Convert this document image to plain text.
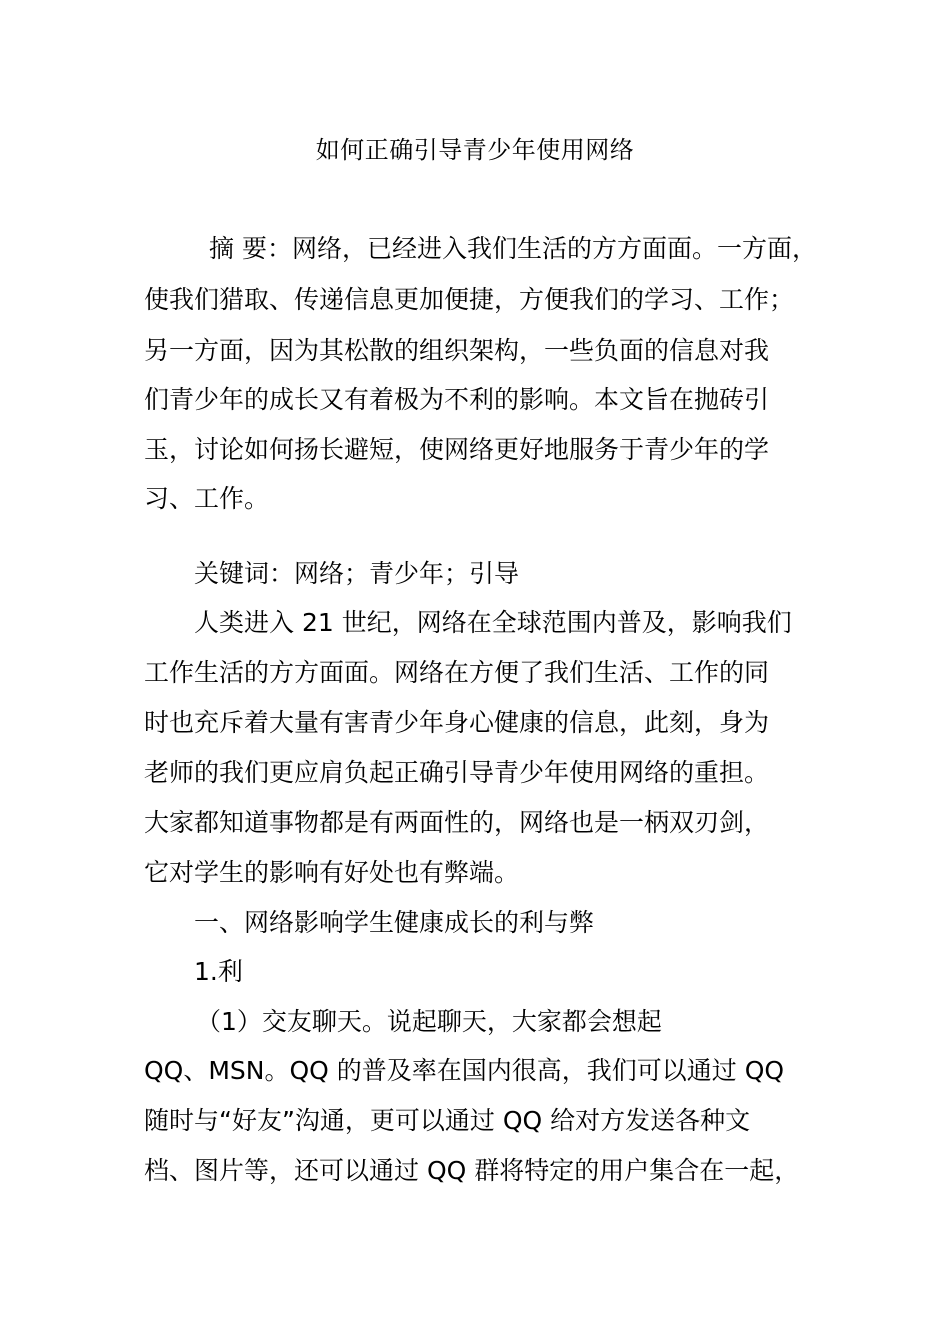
如何正确引导青少年使用网络
摘 要：网络，已经进入我们生活的方方面面。一方面，
使我们猎取、传递信息更加便捷，方便我们的学习、工作；
另一方面，因为其松散的组织架构，一些负面的信息对我
们青少年的成长又有着极为不利的影响。本文旨在抛砖引
玉，讨论如何扬长避短，使网络更好地服务于青少年的学
习、工作。
关键词：网络；青少年；引导
人类进入 21 世纪，网络在全球范围内普及，影响我们
工作生活的方方面面。网络在方便了我们生活、工作的同
时也充斥着大量有害青少年身心健康的信息，此刻，身为
老师的我们更应肩负起正确引导青少年使用网络的重担。
大家都知道事物都是有两面性的，网络也是一柄双刃剑，
它对学生的影响有好处也有弊端。
一、网络影响学生健康成长的利与弊
1.利
（1）交友聊天。说起聊天，大家都会想起
QQ、MSN。QQ 的普及率在国内很高，我们可以通过 QQ
随时与“好友”沟通，更可以通过 QQ 给对方发送各种文
档、图片等，还可以通过 QQ 群将特定的用户集合在一起，
